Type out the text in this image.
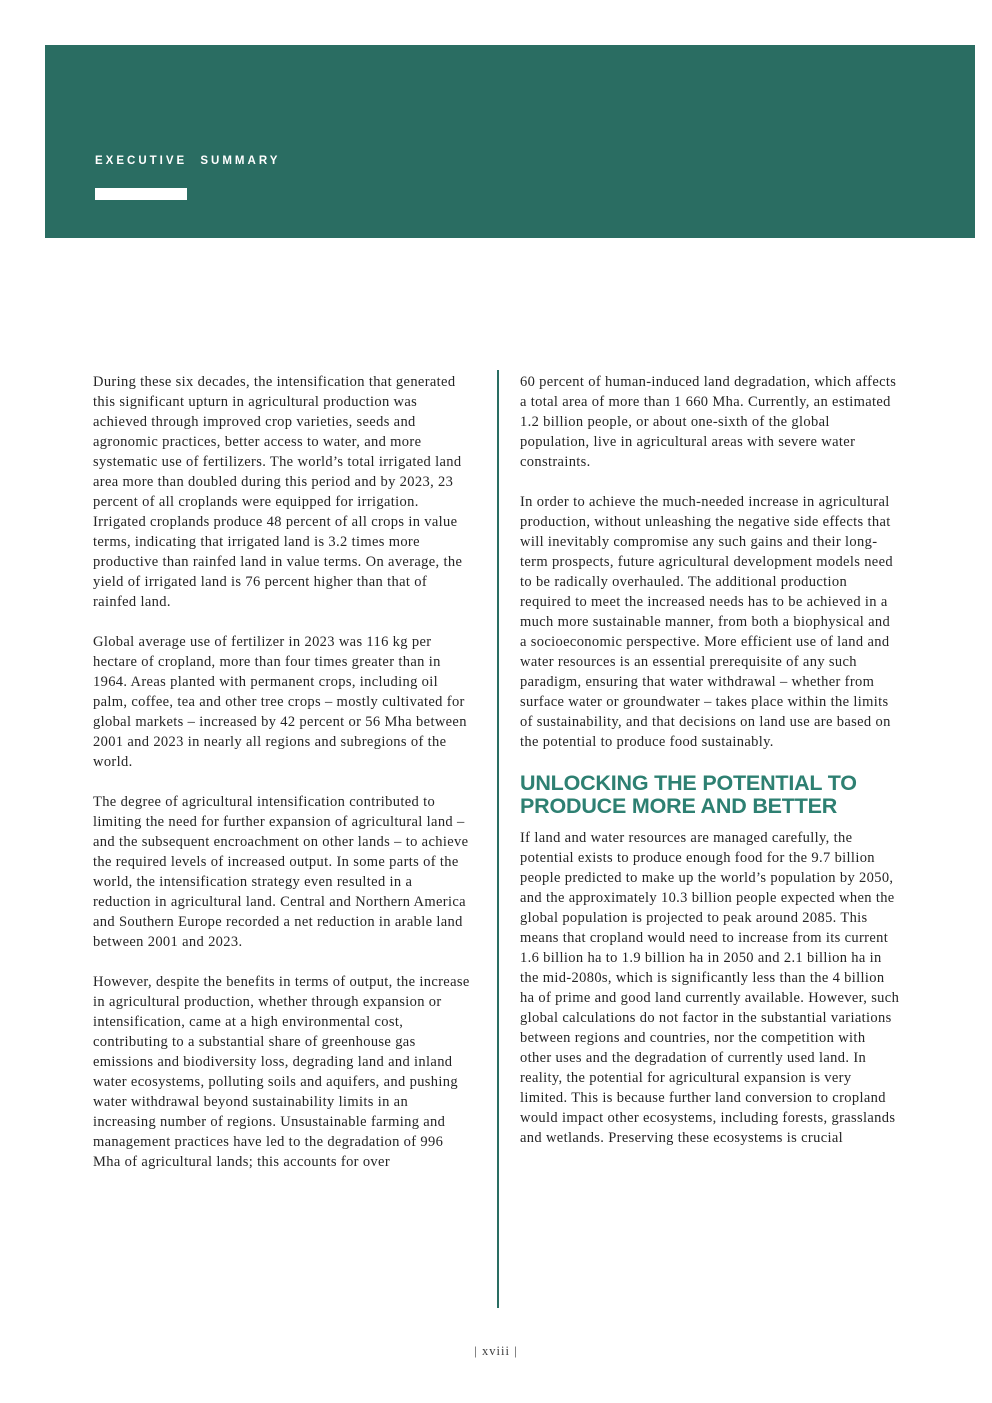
EXECUTIVE SUMMARY

During these six decades, the intensification that generated this significant upturn in agricultural production was achieved through improved crop varieties, seeds and agronomic practices, better access to water, and more systematic use of fertilizers. The world’s total irrigated land area more than doubled during this period and by 2023, 23 percent of all croplands were equipped for irrigation. Irrigated croplands produce 48 percent of all crops in value terms, indicating that irrigated land is 3.2 times more productive than rainfed land in value terms. On average, the yield of irrigated land is 76 percent higher than that of rainfed land.

Global average use of fertilizer in 2023 was 116 kg per hectare of cropland, more than four times greater than in 1964. Areas planted with permanent crops, including oil palm, coffee, tea and other tree crops – mostly cultivated for global markets – increased by 42 percent or 56 Mha between 2001 and 2023 in nearly all regions and subregions of the world.

The degree of agricultural intensification contributed to limiting the need for further expansion of agricultural land – and the subsequent encroachment on other lands – to achieve the required levels of increased output. In some parts of the world, the intensification strategy even resulted in a reduction in agricultural land. Central and Northern America and Southern Europe recorded a net reduction in arable land between 2001 and 2023.

However, despite the benefits in terms of output, the increase in agricultural production, whether through expansion or intensification, came at a high environmental cost, contributing to a substantial share of greenhouse gas emissions and biodiversity loss, degrading land and inland water ecosystems, polluting soils and aquifers, and pushing water withdrawal beyond sustainability limits in an increasing number of regions. Unsustainable farming and management practices have led to the degradation of 996 Mha of agricultural lands; this accounts for over

60 percent of human-induced land degradation, which affects a total area of more than 1 660 Mha. Currently, an estimated 1.2 billion people, or about one-sixth of the global population, live in agricultural areas with severe water constraints.

In order to achieve the much-needed increase in agricultural production, without unleashing the negative side effects that will inevitably compromise any such gains and their long-term prospects, future agricultural development models need to be radically overhauled. The additional production required to meet the increased needs has to be achieved in a much more sustainable manner, from both a biophysical and a socioeconomic perspective. More efficient use of land and water resources is an essential prerequisite of any such paradigm, ensuring that water withdrawal – whether from surface water or groundwater – takes place within the limits of sustainability, and that decisions on land use are based on the potential to produce food sustainably.

UNLOCKING THE POTENTIAL TO PRODUCE MORE AND BETTER

If land and water resources are managed carefully, the potential exists to produce enough food for the 9.7 billion people predicted to make up the world’s population by 2050, and the approximately 10.3 billion people expected when the global population is projected to peak around 2085. This means that cropland would need to increase from its current 1.6 billion ha to 1.9 billion ha in 2050 and 2.1 billion ha in the mid-2080s, which is significantly less than the 4 billion ha of prime and good land currently available. However, such global calculations do not factor in the substantial variations between regions and countries, nor the competition with other uses and the degradation of currently used land. In reality, the potential for agricultural expansion is very limited. This is because further land conversion to cropland would impact other ecosystems, including forests, grasslands and wetlands. Preserving these ecosystems is crucial

| xviii |
